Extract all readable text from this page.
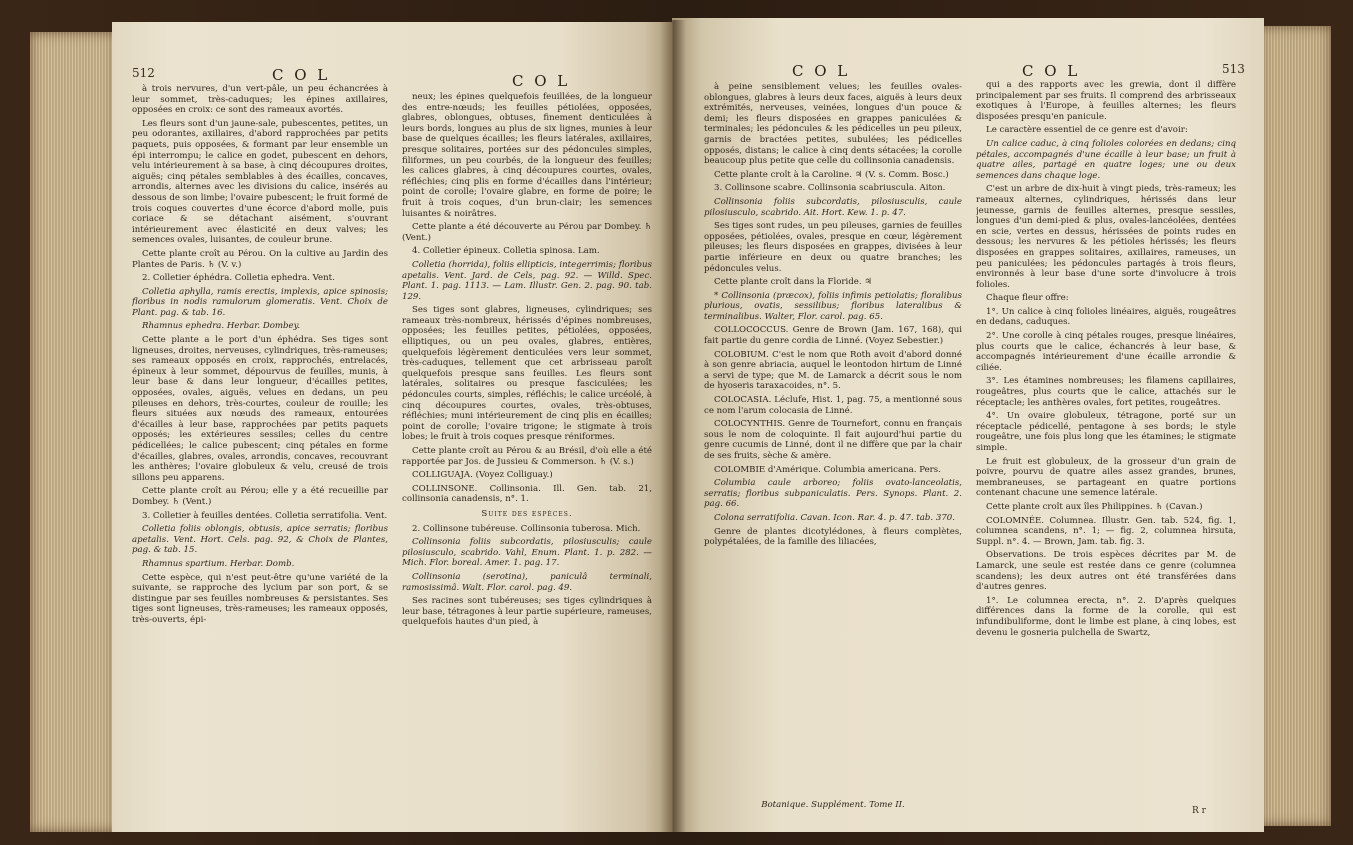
512	C O L	C O L

à trois nervures, d'un vert-pâle, un peu échancrées à leur sommet, très-caduques; les épines axillaires, opposées en croix: ce sont des rameaux avortés.

Les fleurs sont d'un jaune-sale, pubescentes, petites, un peu odorantes, axillaires, d'abord rapprochées par petits paquets, puis opposées, & formant par leur ensemble un épi interrompu; le calice en godet, pubescent en dehors, velu intérieurement à sa base, à cinq découpures droites, aiguës; cinq pétales semblables à des écailles, concaves, arrondis, alternes avec les divisions du calice, insérés au dessous de son limbe; l'ovaire pubescent; le fruit formé de trois coques couvertes d'une écorce d'abord molle, puis coriace & se détachant aisément, s'ouvrant intérieurement avec élasticité en deux valves; les semences ovales, luisantes, de couleur brune.

Cette plante croît au Pérou. On la cultive au Jardin des Plantes de Paris. ♄ (V. v.)

2. Colletier éphédra. Colletia ephedra. Vent.

Colletia aphylla, ramis erectis, implexis, apice spinosis; floribus in nodis ramulorum glomeratis. Vent. Choix de Plant. pag. & tab. 16.

Rhamnus ephedra. Herbar. Dombey.

Cette plante a le port d'un éphédra. Ses tiges sont ligneuses, droites, nerveuses, cylindriques, très-rameuses; ses rameaux opposés en croix, rapprochés, entrelacés, épineux à leur sommet, dépourvus de feuilles, munis, à leur base & dans leur longueur, d'écailles petites, opposées, ovales, aiguës, velues en dedans, un peu pileuses en dehors, très-courtes, couleur de rouille; les fleurs situées aux nœuds des rameaux, entourées d'écailles à leur base, rapprochées par petits paquets opposés; les extérieures sessiles; celles du centre pédicellées; le calice pubescent; cinq pétales en forme d'écailles, glabres, ovales, arrondis, concaves, recouvrant les anthères; l'ovaire globuleux & velu, creusé de trois sillons peu apparens.

Cette plante croît au Pérou; elle y a été recueillie par Dombey. ♄ (Vent.)

3. Colletier à feuilles dentées. Colletia serratifolia. Vent.

Colletia foliis oblongis, obtusis, apice serratis; floribus apetalis. Vent. Hort. Cels. pag. 92, & Choix de Plantes, pag. & tab. 15.

Rhamnus spartium. Herbar. Domb.

Cette espèce, qui n'est peut-être qu'une variété de la suivante, se rapproche des lycium par son port, & se distingue par ses feuilles nombreuses & persistantes. Ses tiges sont ligneuses, très-rameuses; les rameaux opposés, très-ouverts, épi-

neux; les épines quelquefois feuillées, de la longueur des entre-nœuds; les feuilles pétiolées, opposées, glabres, oblongues, obtuses, finement denticulées à leurs bords, longues au plus de six lignes, munies à leur base de quelques écailles; les fleurs latérales, axillaires, presque solitaires, portées sur des pédoncules simples, filiformes, un peu courbés, de la longueur des feuilles; les calices glabres, à cinq découpures courtes, ovales, réfléchies; cinq plis en forme d'écailles dans l'intérieur; point de corolle; l'ovaire glabre, en forme de poire; le fruit à trois coques, d'un brun-clair; les semences luisantes & noirâtres.

Cette plante a été découverte au Pérou par Dombey. ♄ (Vent.)

4. Colletier épineux. Colletia spinosa. Lam.

Colletia (horrida), foliis ellipticis, integerrimis; floribus apetalis. Vent. Jard. de Cels, pag. 92. — Willd. Spec. Plant. 1. pag. 1113. — Lam. Illustr. Gen. 2. pag. 90. tab. 129.

Ses tiges sont glabres, ligneuses, cylindriques; ses rameaux très-nombreux, hérissés d'épines nombreuses, opposées; les feuilles petites, pétiolées, opposées, elliptiques, ou un peu ovales, glabres, entières, quelquefois légèrement denticulées vers leur sommet, très-caduques, tellement que cet arbrisseau paroît quelquefois presque sans feuilles. Les fleurs sont latérales, solitaires ou presque fasciculées; les pédoncules courts, simples, réfléchis; le calice urcéolé, à cinq découpures courtes, ovales, très-obtuses, réfléchies; muni intérieurement de cinq plis en écailles; point de corolle; l'ovaire trigone; le stigmate à trois lobes; le fruit à trois coques presque réniformes.

Cette plante croît au Pérou & au Brésil, d'où elle a été rapportée par Jos. de Jussieu & Commerson. ♄ (V. s.)

COLLIGUAJA. (Voyez Colliguay.)

COLLINSONE. Collinsonia. Ill. Gen. tab. 21, collinsonia canadensis, n°. 1.

Suite des espèces.

2. Collinsone tubéreuse. Collinsonia tuberosa. Mich.

Collinsonia foliis subcordatis, pilosiusculis; caule pilosiusculo, scabrido. Vahl, Enum. Plant. 1. p. 282. — Mich. Flor. boreal. Amer. 1. pag. 17.

Collinsonia (serotina), paniculâ terminali, ramosissimâ. Walt. Flor. carol. pag. 49.

Ses racines sont tubéreuses; ses tiges cylindriques à leur base, tétragones à leur partie supérieure, rameuses, quelquefois hautes d'un pied, à

C O L	C O L	513

à peine sensiblement velues; les feuilles ovales-oblongues, glabres à leurs deux faces, aiguës à leurs deux extrémités, nerveuses, veinées, longues d'un pouce & demi; les fleurs disposées en grappes paniculées & terminales; les pédoncules & les pédicelles un peu pileux, garnis de bractées petites, subulées; les pédicelles opposés, distans; le calice à cinq dents sétacées; la corolle beaucoup plus petite que celle du collinsonia canadensis.

Cette plante croît à la Caroline. ♃ (V. s. Comm. Bosc.)

3. Collinsone scabre. Collinsonia scabriuscula. Aiton.

Collinsonia foliis subcordatis, pilosiusculis, caule pilosiusculo, scabrido. Ait. Hort. Kew. 1. p. 47.

Ses tiges sont rudes, un peu pileuses, garnies de feuilles opposées, pétiolées, ovales, presque en cœur, légèrement pileuses; les fleurs disposées en grappes, divisées à leur partie inférieure en deux ou quatre branches; les pédoncules velus.

Cette plante croît dans la Floride. ♃

* Collinsonia (præcox), foliis infimis petiolatis; floralibus plurious, ovatis, sessilibus; floribus lateralibus & terminalibus. Walter, Flor. carol. pag. 65.

COLLOCOCCUS. Genre de Brown (Jam. 167, 168), qui fait partie du genre cordia de Linné. (Voyez Sebestier.)

COLOBIUM. C'est le nom que Roth avoit d'abord donné à son genre abriacia, auquel le leontodon hirtum de Linné a servi de type; que M. de Lamarck a décrit sous le nom de hyoseris taraxacoides, n°. 5.

COLOCASIA. Léclufe, Hist. 1, pag. 75, a mentionné sous ce nom l'arum colocasia de Linné.

COLOCYNTHIS. Genre de Tournefort, connu en français sous le nom de coloquinte. Il fait aujourd'hui partie du genre cucumis de Linné, dont il ne diffère que par la chair de ses fruits, sèche & amère.

COLOMBIE d'Amérique. Columbia americana. Pers.

Columbia caule arboreo; foliis ovato-lanceolatis, serratis; floribus subpaniculatis. Pers. Synops. Plant. 2. pag. 66.

Colona serratifolia. Cavan. Icon. Rar. 4. p. 47. tab. 370.

Genre de plantes dicotylédones, à fleurs complètes, polypétalées, de la famille des liliacées,

Botanique. Supplément. Tome II.

qui a des rapports avec les grewia, dont il diffère principalement par ses fruits. Il comprend des arbrisseaux exotiques à l'Europe, à feuilles alternes; les fleurs disposées presqu'en panicule.

Le caractère essentiel de ce genre est d'avoir:

Un calice caduc, à cinq folioles colorées en dedans; cinq pétales, accompagnés d'une écaille à leur base; un fruit à quatre ailes, partagé en quatre loges; une ou deux semences dans chaque loge.

C'est un arbre de dix-huit à vingt pieds, très-rameux; les rameaux alternes, cylindriques, hérissés dans leur jeunesse, garnis de feuilles alternes, presque sessiles, longues d'un demi-pied & plus, ovales-lancéolées, dentées en scie, vertes en dessus, hérissées de points rudes en dessous; les nervures & les pétioles hérissés; les fleurs disposées en grappes solitaires, axillaires, rameuses, un peu paniculées; les pédoncules partagés à trois fleurs, environnés à leur base d'une sorte d'involucre à trois folioles.

Chaque fleur offre:

1°. Un calice à cinq folioles linéaires, aiguës, rougeâtres en dedans, caduques.

2°. Une corolle à cinq pétales rouges, presque linéaires, plus courts que le calice, échancrés à leur base, & accompagnés intérieurement d'une écaille arrondie & ciliée.

3°. Les étamines nombreuses; les filamens capillaires, rougeâtres, plus courts que le calice, attachés sur le réceptacle; les anthères ovales, fort petites, rougeâtres.

4°. Un ovaire globuleux, tétragone, porté sur un réceptacle pédicellé, pentagone à ses bords; le style rougeâtre, une fois plus long que les étamines; le stigmate simple.

Le fruit est globuleux, de la grosseur d'un grain de poivre, pourvu de quatre ailes assez grandes, brunes, membraneuses, se partageant en quatre portions contenant chacune une semence latérale.

Cette plante croît aux îles Philippines. ♄ (Cavan.)

COLOMNÉE. Columnea. Illustr. Gen. tab. 524, fig. 1, columnea scandens, n°. 1; — fig. 2, columnea hirsuta, Suppl. n°. 4. — Brown, Jam. tab. fig. 3.

Observations. De trois espèces décrites par M. de Lamarck, une seule est restée dans ce genre (columnea scandens); les deux autres ont été transférées dans d'autres genres.

1°. Le columnea erecta, n°. 2. D'après quelques différences dans la forme de la corolle, qui est infundibuliforme, dont le limbe est plane, à cinq lobes, est devenu le gosneria pulchella de Swartz,

R r
